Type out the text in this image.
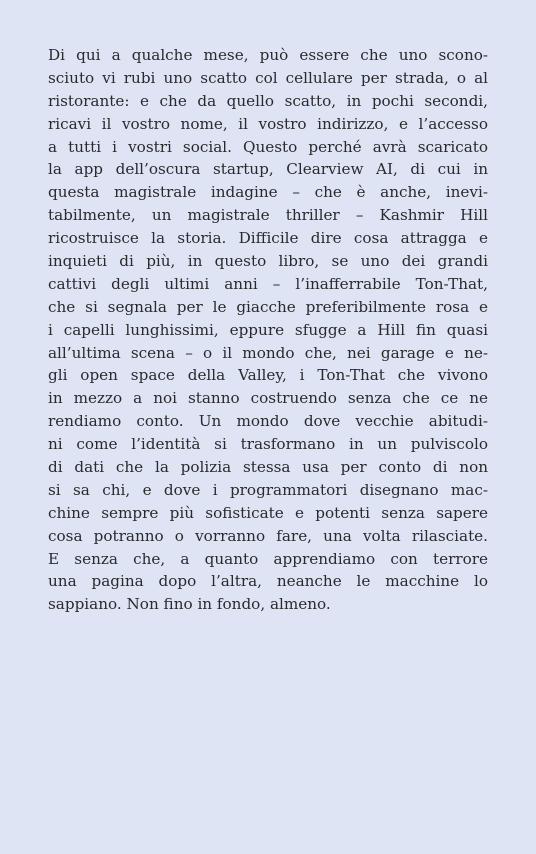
Di qui a qualche mese, può essere che uno scono-
sciuto vi rubi uno scatto col cellulare per strada, o al
ristorante: e che da quello scatto, in pochi secondi,
ricavi il vostro nome, il vostro indirizzo, e l’accesso
a tutti i vostri social. Questo perché avrà scaricato
la app dell’oscura startup, Clearview AI, di cui in
questa magistrale indagine – che è anche, inevi-
tabilmente, un magistrale thriller – Kashmir Hill
ricostruisce la storia. Difficile dire cosa attragga e
inquieti di più, in questo libro, se uno dei grandi
cattivi degli ultimi anni – l’inafferrabile Ton-That,
che si segnala per le giacche preferibilmente rosa e
i capelli lunghissimi, eppure sfugge a Hill fin quasi
all’ultima scena – o il mondo che, nei garage e ne-
gli open space della Valley, i Ton-That che vivono
in mezzo a noi stanno costruendo senza che ce ne
rendiamo conto. Un mondo dove vecchie abitudi-
ni come l’identità si trasformano in un pulviscolo
di dati che la polizia stessa usa per conto di non
si sa chi, e dove i programmatori disegnano mac-
chine sempre più sofisticate e potenti senza sapere
cosa potranno o vorranno fare, una volta rilasciate.
E senza che, a quanto apprendiamo con terrore
una pagina dopo l’altra, neanche le macchine lo
sappiano. Non fino in fondo, almeno.
